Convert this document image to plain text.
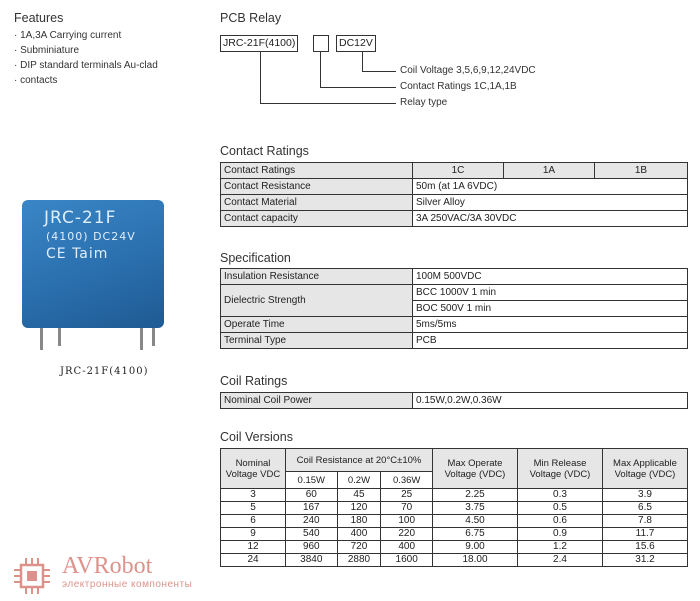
Features
· 1A,3A Carrying current
· Subminiature
· DIP standard terminals Au-clad
· contacts
PCB Relay
JRC-21F(4100)	DC12V
Coil Voltage 3,5,6,9,12,24VDC
Contact Ratings 1C,1A,1B
Relay type
JRC-21F
(4100) DC24V
CE Taim
JRC-21F(4100)
Contact Ratings
Contact Ratings	1C	1A	1B
Contact Resistance	50m (at 1A 6VDC)		
Contact Material	Silver Alloy		
Contact capacity	3A 250VAC/3A 30VDC		
Specification
Insulation Resistance	100M 500VDC
Dielectric Strength	BCC 1000V 1 min
	BOC 500V 1 min
Operate Time	5ms/5ms
Terminal Type	PCB
Coil Ratings
Nominal Coil Power	0.15W,0.2W,0.36W
Coil Versions
Nominal Voltage VDC	Coil Resistance at 20°C±10%			Max Operate Voltage (VDC)	Min Release Voltage (VDC)	Max Applicable Voltage (VDC)
	0.15W	0.2W	0.36W			
3	60	45	25	2.25	0.3	3.9
5	167	120	70	3.75	0.5	6.5
6	240	180	100	4.50	0.6	7.8
9	540	400	220	6.75	0.9	11.7
12	960	720	400	9.00	1.2	15.6
24	3840	2880	1600	18.00	2.4	31.2
AVRobot
электронные компоненты
